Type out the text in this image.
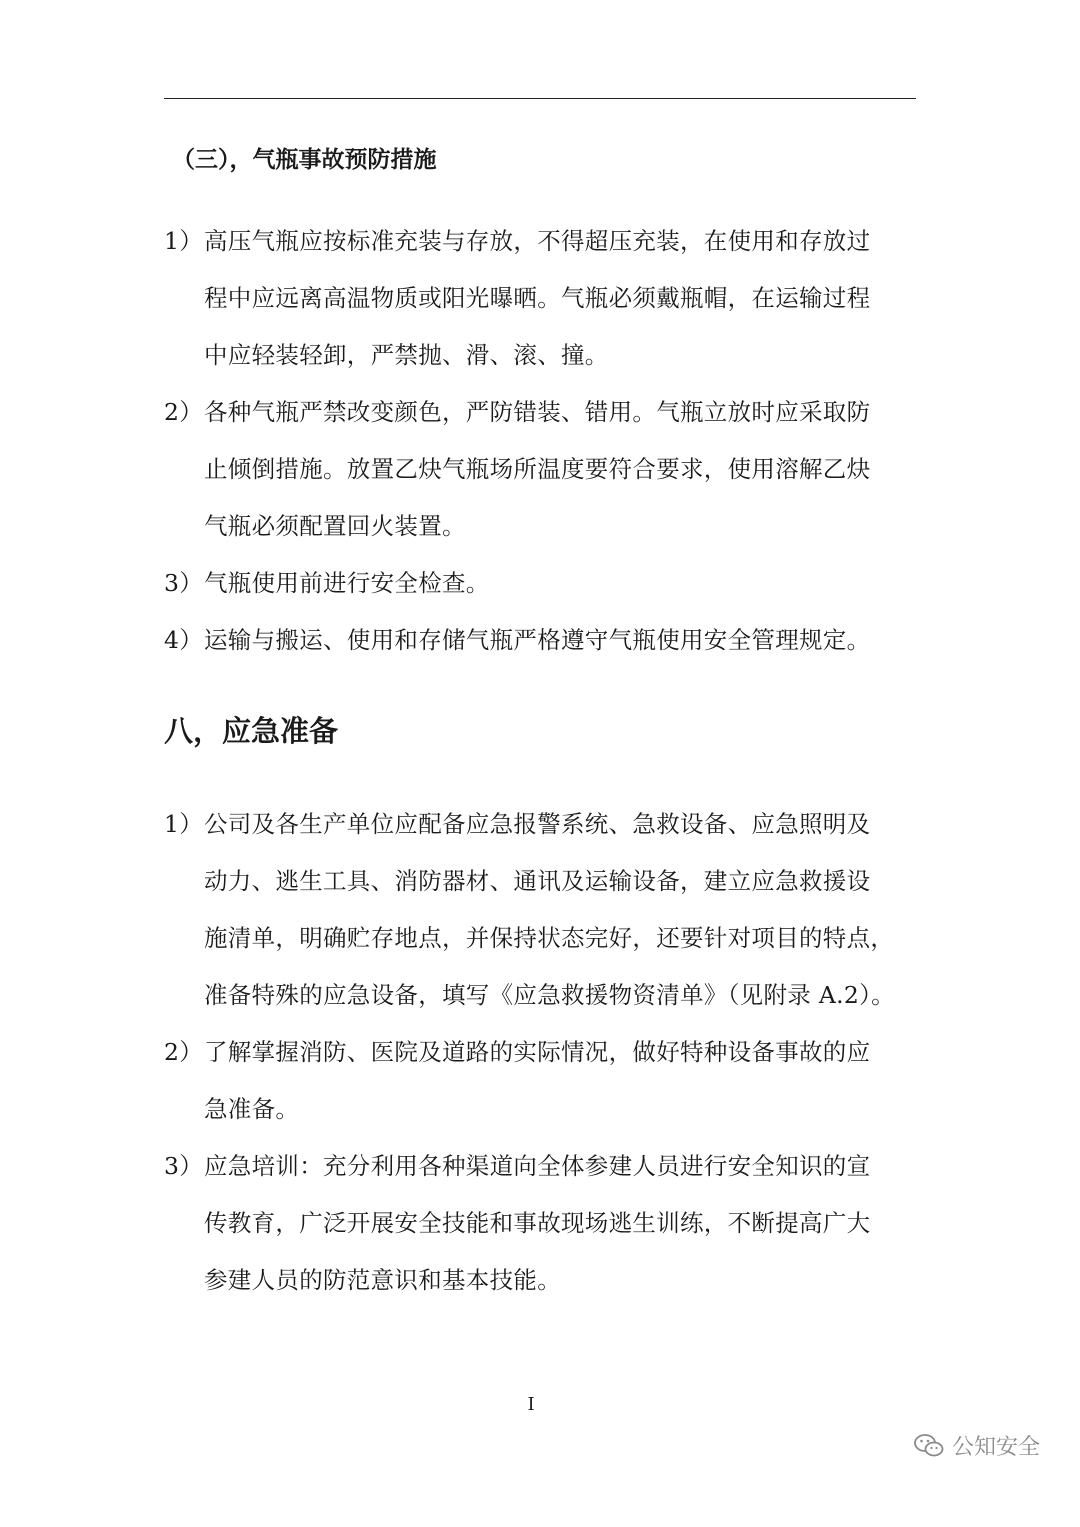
（三），气瓶事故预防措施
1） 高压气瓶应按标准充装与存放，不得超压充装，在使用和存放过
程中应远离高温物质或阳光曝晒。气瓶必须戴瓶帽，在运输过程
中应轻装轻卸，严禁抛、滑、滚、撞。
2） 各种气瓶严禁改变颜色，严防错装、错用。气瓶立放时应采取防
止倾倒措施。放置乙炔气瓶场所温度要符合要求，使用溶解乙炔
气瓶必须配置回火装置。
3） 气瓶使用前进行安全检查。
4） 运输与搬运、使用和存储气瓶严格遵守气瓶使用安全管理规定。
八，应急准备
1） 公司及各生产单位应配备应急报警系统、急救设备、应急照明及
动力、逃生工具、消防器材、通讯及运输设备，建立应急救援设
施清单，明确贮存地点，并保持状态完好，还要针对项目的特点，
准备特殊的应急设备，填写《应急救援物资清单》（见附录 A.2）。
2） 了解掌握消防、医院及道路的实际情况，做好特种设备事故的应
急准备。
3） 应急培训：充分利用各种渠道向全体参建人员进行安全知识的宣
传教育，广泛开展安全技能和事故现场逃生训练，不断提高广大
参建人员的防范意识和基本技能。
I
公知安全
